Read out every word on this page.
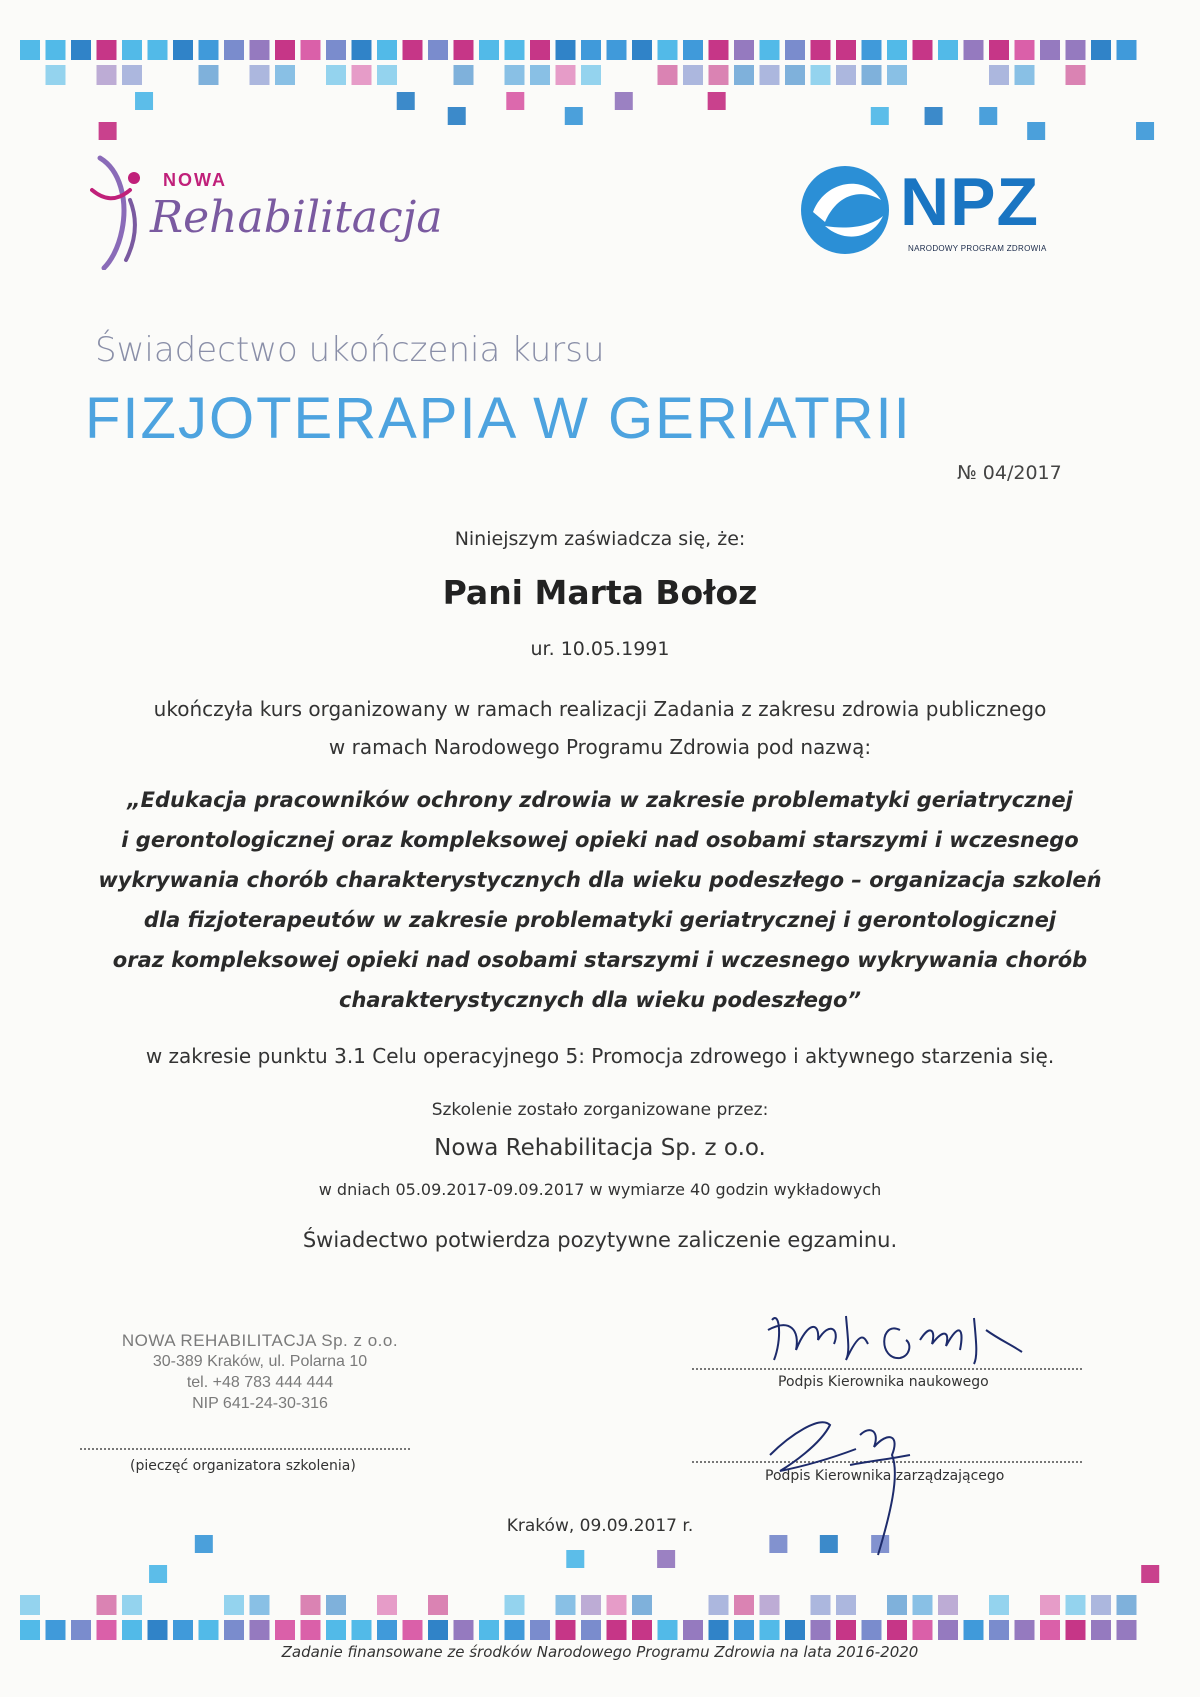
NOWA
Rehabilitacja	NPZ
NARODOWY PROGRAM ZDROWIA
Świadectwo ukończenia kursu
FIZJOTERAPIA W GERIATRII
№ 04/2017
Niniejszym zaświadcza się, że:
Pani Marta Bołoz
ur. 10.05.1991
ukończyła kurs organizowany w ramach realizacji Zadania z zakresu zdrowia publicznego
w ramach Narodowego Programu Zdrowia pod nazwą:
„Edukacja pracowników ochrony zdrowia w zakresie problematyki geriatrycznej
i gerontologicznej oraz kompleksowej opieki nad osobami starszymi i wczesnego
wykrywania chorób charakterystycznych dla wieku podeszłego – organizacja szkoleń
dla fizjoterapeutów w zakresie problematyki geriatrycznej i gerontologicznej
oraz kompleksowej opieki nad osobami starszymi i wczesnego wykrywania chorób
charakterystycznych dla wieku podeszłego”
w zakresie punktu 3.1 Celu operacyjnego 5: Promocja zdrowego i aktywnego starzenia się.
Szkolenie zostało zorganizowane przez:
Nowa Rehabilitacja Sp. z o.o.
w dniach 05.09.2017-09.09.2017 w wymiarze 40 godzin wykładowych
Świadectwo potwierdza pozytywne zaliczenie egzaminu.
NOWA REHABILITACJA Sp. z o.o.
30-389 Kraków, ul. Polarna 10
tel. +48 783 444 444
NIP 641-24-30-316
(pieczęć organizatora szkolenia)
Podpis Kierownika naukowego
Podpis Kierownika zarządzającego
Kraków, 09.09.2017 r.
Zadanie finansowane ze środków Narodowego Programu Zdrowia na lata 2016-2020
